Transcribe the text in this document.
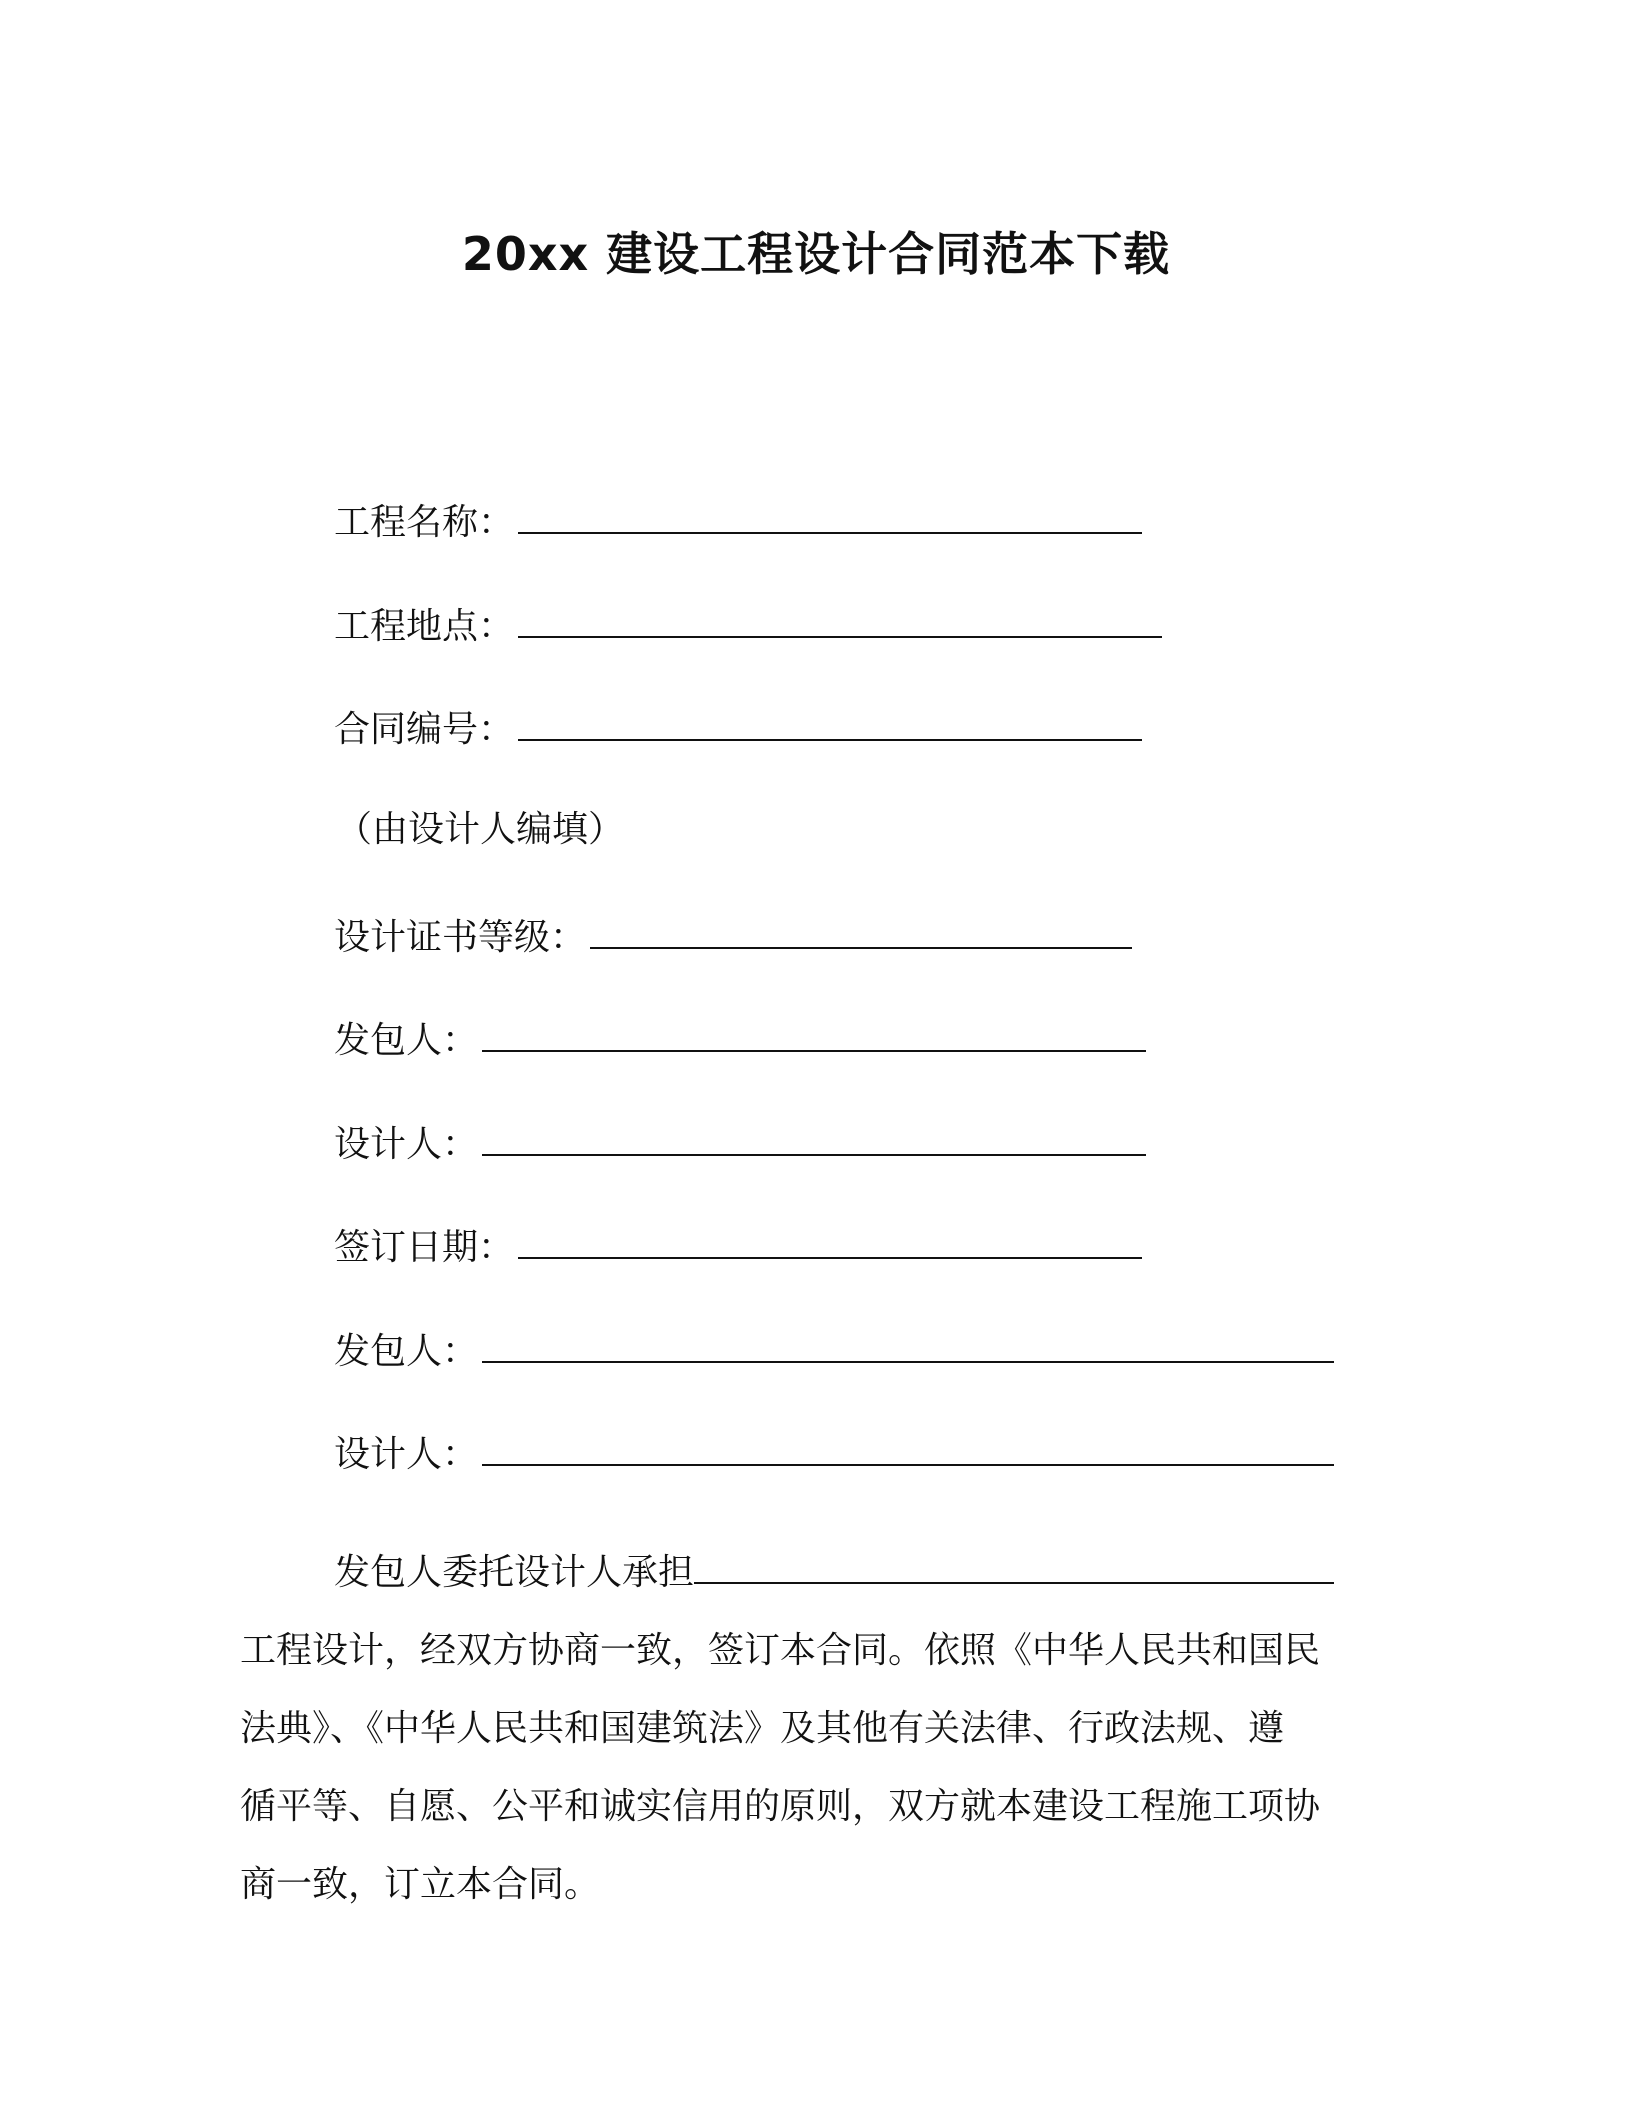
20xx 建设工程设计合同范本下载
工程名称：
工程地点：
合同编号：
（由设计人编填）
设计证书等级：
发包人：
设计人：
签订日期：
发包人：
设计人：
发包人委托设计人承担
工程设计，经双方协商一致，签订本合同。依照《中华人民共和国民
法典》、《中华人民共和国建筑法》及其他有关法律、行政法规、遵
循平等、自愿、公平和诚实信用的原则，双方就本建设工程施工项协
商一致，订立本合同。
